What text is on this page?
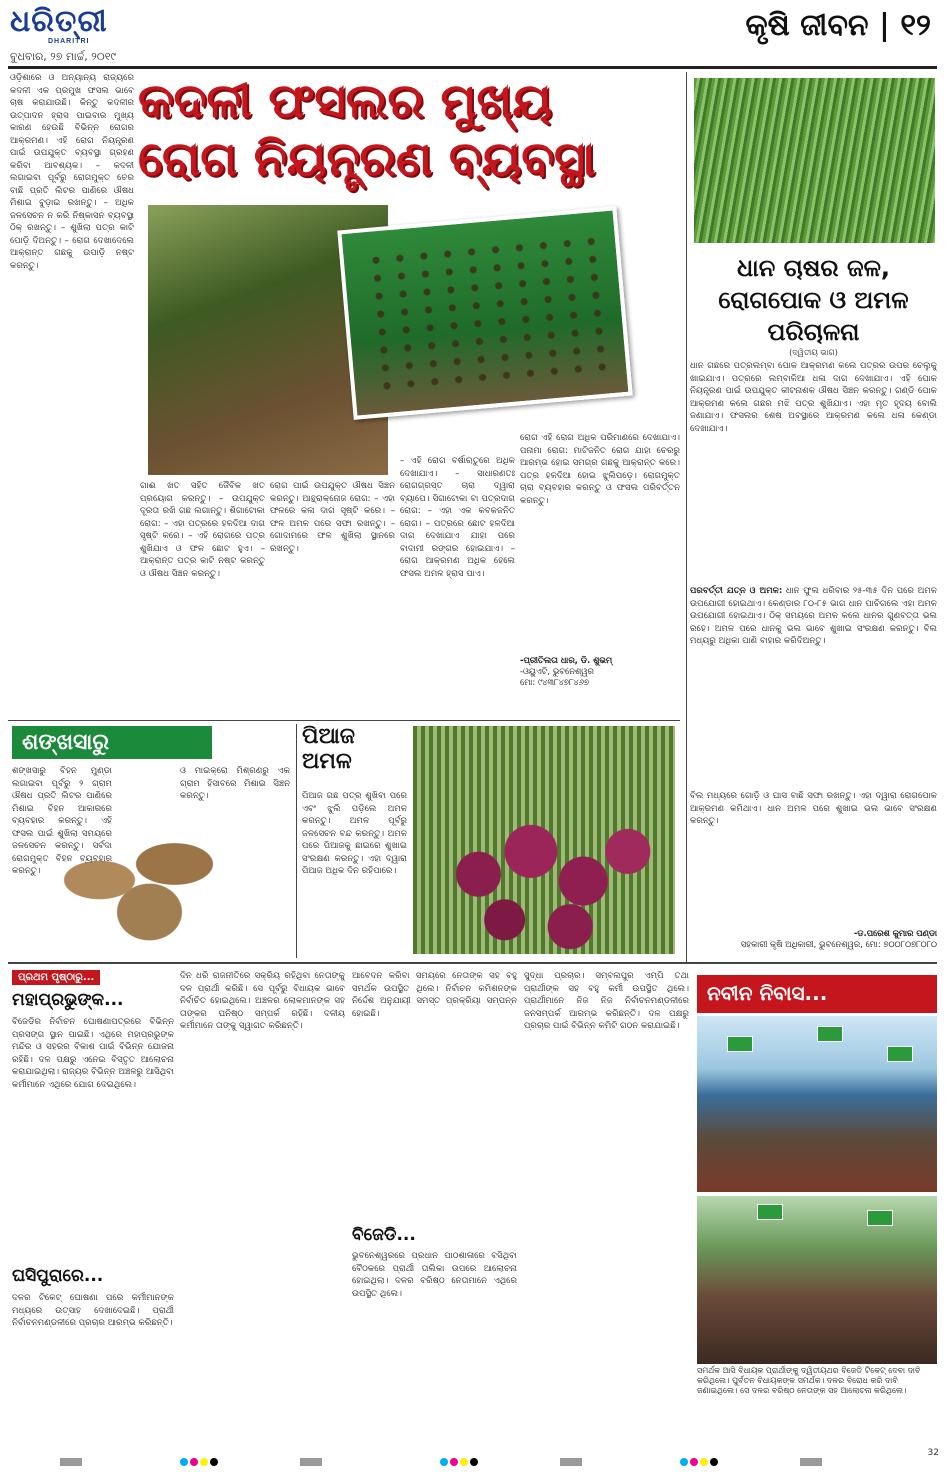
ଧରିତ୍ରୀ
DHARITRI
ବୁଧବାର, ୨୭ ମାର୍ଚ୍ଚ, ୨୦୧୯
କୃଷି ଜୀବନ | ୧୨
କଦଳୀ ଫସଲର ମୁଖ୍ୟ
ରୋଗ ନିୟନ୍ତ୍ରଣ ବ୍ୟବସ୍ଥା
ଓଡ଼ିଶାରେ ଓ ଅନ୍ୟାନ୍ୟ ରାଜ୍ୟରେ କଦଳୀ ଏକ ପ୍ରମୁଖ ଫସଲ ଭାବେ ଚାଷ କରାଯାଉଛି। କିନ୍ତୁ କଦଳୀର ଉତ୍ପାଦନ ହ୍ରାସ ପାଇବାର ମୁଖ୍ୟ କାରଣ ହେଉଛି ବିଭିନ୍ନ ରୋଗର ଆକ୍ରମଣ। ଏହି ରୋଗ ନିୟନ୍ତ୍ରଣ ପାଇଁ ଉପଯୁକ୍ତ ବ୍ୟବସ୍ଥା ଗ୍ରହଣ କରିବା ଆବଶ୍ୟକ। – କଦଳୀ ଲଗାଇବା ପୂର୍ବରୁ ରୋଗମୁକ୍ତ ଚେର ବାଛି ପ୍ରତି ଲିଟର ପାଣିରେ ଔଷଧ ମିଶାଇ ବୁଡ଼ାଇ ରଖନ୍ତୁ। – ଅଧିକ ଜଳସେଚନ ନ କରି ନିଷ୍କାସନ ବ୍ୟବସ୍ଥା ଠିକ୍ ରଖନ୍ତୁ। – ଶୁଖିଲା ପତ୍ର କାଟି ପୋଡ଼ି ଦିଅନ୍ତୁ। – ରୋଗ ଦେଖାଦେଲେ ଆକ୍ରାନ୍ତ ଗଛକୁ ଉପାଡ଼ି ନଷ୍ଟ କରନ୍ତୁ।
ଗାଈ ଖତ ସହିତ ଜୈବିକ ଖତ ପ୍ରୟୋଗ କରନ୍ତୁ। – ଉପଯୁକ୍ତ ଦୂରତା ରଖି ଗଛ ଲଗାନ୍ତୁ। ଶିଗାଟୋକା ରୋଗ: – ଏହା ପତ୍ରରେ ହଳଦିଆ ଦାଗ ସୃଷ୍ଟି କରେ। – ଏହି ରୋଗରେ ପତ୍ର ଶୁଖିଯାଏ ଓ ଫଳ ଛୋଟ ହୁଏ। – ଆକ୍ରାନ୍ତ ପତ୍ର କାଟି ନଷ୍ଟ କରନ୍ତୁ ଓ ଔଷଧ ସିଞ୍ଚନ କରନ୍ତୁ।
ରୋଗ ପାଇଁ ଉପଯୁକ୍ତ ଔଷଧ ସିଞ୍ଚନ କରନ୍ତୁ। ଆନ୍ଥ୍ରାକ୍ନୋଜ ରୋଗ: – ଏହା ଫଳରେ କଳା ଦାଗ ସୃଷ୍ଟି କରେ। – ଫଳ ଅମଳ ପରେ ସଫା ରଖନ୍ତୁ। – ଗୋଦାମରେ ଫଳ ଶୁଖିଲା ସ୍ଥାନରେ ରଖନ୍ତୁ।
– ଏହି ରୋଗ ବର୍ଷାଋତୁରେ ଅଧିକ ଦେଖାଯାଏ। – ସାଧାରଣତଃ ରୋଗଗ୍ରସ୍ତ ଚାରା ଦ୍ୱାରା ବ୍ୟାପେ। ସିଗାଟୋକା ବା ପତ୍ରଦାଗ ରୋଗ: – ଏହା ଏକ କବକଜନିତ ରୋଗ। – ପତ୍ରରେ ଛୋଟ ହଳଦିଆ ଦାଗ ଦେଖାଯାଏ ଯାହା ପରେ ବାଦାମୀ ରଙ୍ଗର ହୋଇଯାଏ। – ରୋଗ ଆକ୍ରମଣ ଅଧିକ ହେଲେ ଫସଲ ଅମଳ ହ୍ରାସ ପାଏ।
ରୋଗ ଏହି ରୋଗ ଅଧିକ ପରିମାଣରେ ଦେଖାଯାଏ। ପନାମା ରୋଗ: ମାଟିଜନିତ ରୋଗ ଯାହା ଚେରରୁ ଆରମ୍ଭ ହୋଇ ସମଗ୍ର ଗଛକୁ ଆକ୍ରାନ୍ତ କରେ। ପତ୍ର ହଳଦିଆ ହୋଇ ଝୁଲିପଡ଼େ। ରୋଗମୁକ୍ତ ଚାରା ବ୍ୟବହାର କରନ୍ତୁ ଓ ଫସଲ ପରିବର୍ତ୍ତନ କରନ୍ତୁ।
-ପ୍ରୀତିଲତା ଧାର, ଡି. ଶୁଭମ୍
-ଓୟୁଏଟି, ଭୁବନେଶ୍ୱର
ମୋ: ୯୪୩୮୪୭୮୪୬୭
ଧାନ ଚାଷର ଜଳ, ରୋଗପୋକ ଓ ଅମଳ ପରିଚାଳନା
(ଦ୍ୱିତୀୟ ଭାଗ)
ଧାନ ଗଛରେ ପତ୍ରଲମ୍ବା ପୋକ ଆକ୍ରମଣ କଲେ ପତ୍ରର ଉପର ଚେଲୁକୁ ଖାଇଯାଏ। ପତ୍ରରେ ଲମ୍ବାଳିଆ ଧଳା ଦାଗ ଦେଖାଯାଏ। ଏହି ପୋକ ନିୟନ୍ତ୍ରଣ ପାଇଁ ଉପଯୁକ୍ତ କୀଟନାଶକ ଔଷଧ ସିଞ୍ଚନ କରନ୍ତୁ। ଗଣ୍ଡି ପୋକ ଆକ୍ରମଣ କଲେ ଗଛର ମଝି ପତ୍ର ଶୁଖିଯାଏ। ଏହା ମୃତ ହୃଦୟ ବୋଲି ଜଣାଯାଏ। ଫସଲର ଶେଷ ଅବସ୍ଥାରେ ଆକ୍ରମଣ କଲେ ଧଳା କେଣ୍ଡା ଦେଖାଯାଏ।
ପରବର୍ତ୍ତୀ ଯତ୍ନ ଓ ଅମଳ: ଧାନ ଫୁଲ ଧରିବାର ୨୫-୩୫ ଦିନ ପରେ ଅମଳ ଉପଯୋଗୀ ହୋଇଥାଏ। କେଣ୍ଡାର ୮୦-୮୫ ଭାଗ ଧାନ ପାଚିଗଲେ ଏହା ଅମଳ ଉପଯୋଗୀ ହୋଇଥାଏ। ଠିକ୍ ସମୟରେ ଅମଳ କଲେ ଧାନର ଗୁଣବତ୍ତା ଭଲ ରହେ। ଅମଳ ପରେ ଧାନକୁ ଭଲ ଭାବେ ଶୁଖାଇ ସଂରକ୍ଷଣ କରନ୍ତୁ। ବିଲ ମଧ୍ୟରୁ ଅଧିକା ପାଣି ବାହାର କରିଦିଅନ୍ତୁ।
ବିଲ ମଧ୍ୟରେ ଗୋଡ଼ି ଓ ଘାସ ବାଛି ସଫା ରଖନ୍ତୁ। ଏହା ଦ୍ୱାରା ରୋଗପୋକ ଆକ୍ରମଣ କମିଥାଏ। ଧାନ ଅମଳ ପରେ ଶୁଖାଇ ଭଲ ଭାବେ ସଂରକ୍ଷଣ କରନ୍ତୁ।
-ଡ.ପରେଶ କୁମାର ପଣ୍ଡା
ସହକାରୀ କୃଷି ଅଧିକାରୀ, ଭୁବନେଶ୍ୱର, ମୋ: ୭୦୦୮୦୭୮୦୮୦
ଶଙ୍ଖସାରୁ
ଶଙ୍ଖସାରୁ ବିହନ ମୁଣ୍ଡା ଲଗାଇବା ପୂର୍ବରୁ ୨ ଗ୍ରାମ ଔଷଧ ପ୍ରତି ଲିଟର ପାଣିରେ ମିଶାଇ ବିହନ ଆକାରରେ ବ୍ୟବହାର କରନ୍ତୁ। ଏହି ଫସଲ ପାଇଁ ଶୁଖିଲା ସମୟରେ ଜଳସେଚନ କରନ୍ତୁ। ସର୍ବଦା ରୋଗମୁକ୍ତ ବିହନ ବ୍ୟବହାର କରନ୍ତୁ।
ଓ ମାଇକ୍ରୋ ମିଶ୍ରଣରୁ ଏକ ଗ୍ରାମ ହିସାବରେ ମିଶାଇ ସିଞ୍ଚନ କରନ୍ତୁ।
ପିଆଜ
ଅମଳ
ପିଆଜ ଗଛ ପତ୍ର ଶୁଖିବା ପରେ ଏବଂ ଝୁଲି ପଡ଼ିଲେ ଅମଳ କରନ୍ତୁ। ଅମଳ ପୂର୍ବରୁ ଜଳସେଚନ ବନ୍ଦ କରନ୍ତୁ। ଅମଳ ପରେ ପିଆଜକୁ ଛାଇରେ ଶୁଖାଇ ସଂରକ୍ଷଣ କରନ୍ତୁ। ଏହା ଦ୍ୱାରା ପିଆଜ ଅଧିକ ଦିନ ରହିପାରେ।
ପ୍ରଥମ ପୃଷ୍ଠାରୁ...
ମହାପ୍ରଭୁଙ୍କ...
ବିଜେଡିର ନିର୍ବାଚନ ଘୋଷଣାପତ୍ରରେ ବିଭିନ୍ନ ପ୍ରସଙ୍ଗ ସ୍ଥାନ ପାଇଛି। ଏଥିରେ ମହାପ୍ରଭୁଙ୍କ ମନ୍ଦିର ଓ ସହରର ବିକାଶ ପାଇଁ ବିଭିନ୍ନ ଯୋଜନା ରହିଛି। ଦଳ ପକ୍ଷରୁ ଏନେଇ ବିସ୍ତୃତ ଆଲୋଚନା କରାଯାଇଥିଲା। ରାଜ୍ୟର ବିଭିନ୍ନ ଅଞ୍ଚଳରୁ ଆସିଥିବା କର୍ମୀମାନେ ଏଥିରେ ଯୋଗ ଦେଇଥିଲେ।
ଘସିପୁରାରେ...
ଦଳର ଟିକେଟ୍ ଘୋଷଣା ପରେ କର୍ମୀମାନଙ୍କ ମଧ୍ୟରେ ଉତ୍ସାହ ଦେଖାଦେଇଛି। ପ୍ରାର୍ଥୀ ନିର୍ବାଚନମଣ୍ଡଳୀରେ ପ୍ରଚାର ଆରମ୍ଭ କରିଛନ୍ତି।
ଦିନ ଧରି ରାଜନୀତିରେ ସକ୍ରିୟ ରହିଥିବା ନେତାଙ୍କୁ ଦଳ ପ୍ରାର୍ଥୀ କରିଛି। ସେ ପୂର୍ବରୁ ବିଧାୟକ ଭାବେ ନିର୍ବାଚିତ ହୋଇଥିଲେ। ଅଞ୍ଚଳର ଲୋକମାନଙ୍କ ସହ ତାଙ୍କର ଘନିଷ୍ଠ ସମ୍ପର୍କ ରହିଛି। ଦଳୀୟ କର୍ମୀମାନେ ତାଙ୍କୁ ସ୍ୱାଗତ କରିଛନ୍ତି।
ଆବେଦନ କରିବା ସମୟରେ ନେତାଙ୍କ ସହ ବହୁ ସମର୍ଥକ ଉପସ୍ଥିତ ଥିଲେ। ନିର୍ବାଚନ କମିଶନଙ୍କ ନିର୍ଦ୍ଦେଶ ଅନୁଯାୟୀ ସମସ୍ତ ପ୍ରକ୍ରିୟା ସମ୍ପନ୍ନ ହୋଇଛି।
ବିଜେଡି...
ଭୁବନେଶ୍ୱରରେ ପ୍ରଧାନ ପାଠଶାଳାରେ ବସିଥିବା ବୈଠକରେ ପ୍ରାର୍ଥୀ ତାଲିକା ଉପରେ ଆଲୋଚନା ହୋଇଥିଲା। ଦଳର ବରିଷ୍ଠ ନେତାମାନେ ଏଥିରେ ଉପସ୍ଥିତ ଥିଲେ।
ସୁଦ୍ଧା ପ୍ରଚାର। ସମ୍ବଲପୁର ଏମ୍ପି ତଥା ପ୍ରାର୍ଥୀଙ୍କ ସହ ବହୁ କର୍ମୀ ଉପସ୍ଥିତ ଥିଲେ। ପ୍ରାର୍ଥୀମାନେ ନିଜ ନିଜ ନିର୍ବାଚନମଣ୍ଡଳୀରେ ଜନସମ୍ପର୍କ ଆରମ୍ଭ କରିଛନ୍ତି। ଦଳ ପକ୍ଷରୁ ପ୍ରଚାର ପାଇଁ ବିଭିନ୍ନ କମିଟି ଗଠନ କରାଯାଇଛି।
ନବୀନ ନିବାସ...
ସମର୍ଥକ ଆସି ବିଧାୟକ ପ୍ରାର୍ଥୀଙ୍କୁ ଦ୍ୱିତୀୟଥର ବିଜେଡି ଟିକେଟ୍ ଦେବା ଦାବି କରିଥିଲେ। ପୁର୍ବତନ ବିଧାୟକଙ୍କ ସମର୍ଥକ। ଦଳର ବିରୋଧ କରି ଦାବି ଜଣାଇଥିଲେ। ସେ ଦଳର ବରିଷ୍ଠ ନେତାଙ୍କ ସହ ଆଲୋଚନା କରିଥିଲେ।
32
